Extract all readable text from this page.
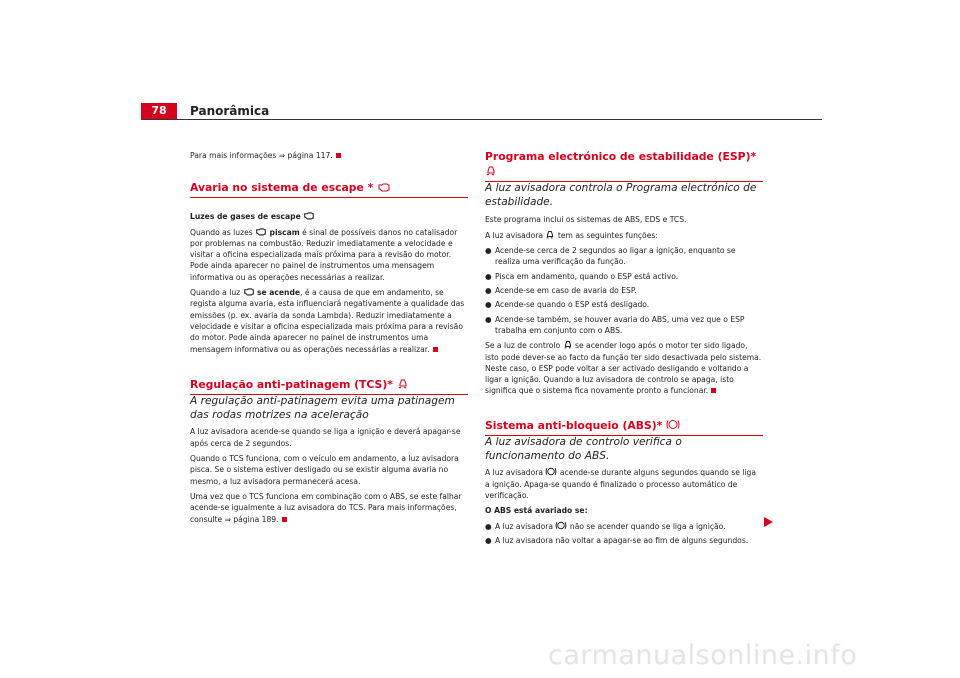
78	Panorâmica

Para mais informações ⇒ página 117.

Avaria no sistema de escape *

Luzes de gases de escape

Quando as luzes piscam é sinal de possíveis danos no catalisador por problemas na combustão. Reduzir imediatamente a velocidade e visitar a oficina especializada mais próxima para a revisão do motor. Pode ainda aparecer no painel de instrumentos uma mensagem informativa ou as operações necessárias a realizar.

Quando a luz se acende, é a causa de que em andamento, se regista alguma avaria, esta influenciará negativamente a qualidade das emissões (p. ex. avaria da sonda Lambda). Reduzir imediatamente a velocidade e visitar a oficina especializada mais próxima para a revisão do motor. Pode ainda aparecer no painel de instrumentos uma mensagem informativa ou as operações necessárias a realizar.

Regulação anti-patinagem (TCS)*

A regulação anti-patinagem evita uma patinagem das rodas motrizes na aceleração

A luz avisadora acende-se quando se liga a ignição e deverá apagar-se após cerca de 2 segundos.

Quando o TCS funciona, com o veículo em andamento, a luz avisadora pisca. Se o sistema estiver desligado ou se existir alguma avaria no mesmo, a luz avisadora permanecerá acesa.

Uma vez que o TCS funciona em combinação com o ABS, se este falhar acende-se igualmente a luz avisadora do TCS. Para mais informações, consulte ⇒ página 189.

Programa electrónico de estabilidade (ESP)*

A luz avisadora controla o Programa electrónico de estabilidade.

Este programa inclui os sistemas de ABS, EDS e TCS.

A luz avisadora tem as seguintes funções:

● Acende-se cerca de 2 segundos ao ligar a ignição, enquanto se realiza uma verificação da função.
● Pisca em andamento, quando o ESP está activo.
● Acende-se em caso de avaria do ESP.
● Acende-se quando o ESP está desligado.
● Acende-se também, se houver avaria do ABS, uma vez que o ESP trabalha em conjunto com o ABS.

Se a luz de controlo se acender logo após o motor ter sido ligado, isto pode dever-se ao facto da função ter sido desactivada pelo sistema. Neste caso, o ESP pode voltar a ser activado desligando e voltando a ligar a ignição. Quando a luz avisadora de controlo se apaga, isto significa que o sistema fica novamente pronto a funcionar.

Sistema anti-bloqueio (ABS)*

A luz avisadora de controlo verifica o funcionamento do ABS.

A luz avisadora acende-se durante alguns segundos quando se liga a ignição. Apaga-se quando é finalizado o processo automático de verificação.

O ABS está avariado se:

● A luz avisadora não se acender quando se liga a ignição.
● A luz avisadora não voltar a apagar-se ao fim de alguns segundos.
carmanualsonline.info
